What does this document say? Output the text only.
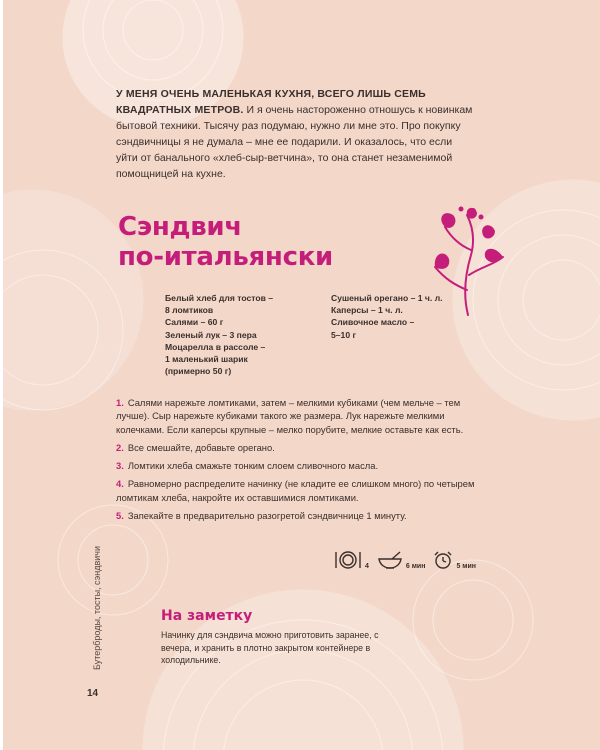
У МЕНЯ ОЧЕНЬ МАЛЕНЬКАЯ КУХНЯ, ВСЕГО ЛИШЬ СЕМЬ КВАДРАТНЫХ МЕТРОВ. И я очень настороженно отношусь к новинкам бытовой техники. Тысячу раз подумаю, нужно ли мне это. Про покупку сэндвичницы я не думала – мне ее подарили. И оказалось, что если уйти от банального «хлеб-сыр-ветчина», то она станет незаменимой помощницей на кухне.
Сэндвич
по-итальянски
Белый хлеб для тостов –
8 ломтиков
Салями – 60 г
Зеленый лук – 3 пера
Моцарелла в рассоле –
1 маленький шарик
(примерно 50 г)
Сушеный орегано – 1 ч. л.
Каперсы – 1 ч. л.
Сливочное масло –
5–10 г
1. Салями нарежьте ломтиками, затем – мелкими кубиками (чем мельче – тем лучше). Сыр нарежьте кубиками такого же размера. Лук нарежьте мелкими колечками. Если каперсы крупные – мелко порубите, мелкие оставьте как есть.
2. Все смешайте, добавьте орегано.
3. Ломтики хлеба смажьте тонким слоем сливочного масла.
4. Равномерно распределите начинку (не кладите ее слишком много) по четырем ломтикам хлеба, накройте их оставшимися ломтиками.
5. Запекайте в предварительно разогретой сэндвичнице 1 минуту.
4	6 мин	5 мин
На заметку
Начинку для сэндвича можно приготовить заранее, с вечера, и хранить в плотно закрытом контейнере в холодильнике.
Бутерброды, тосты, сэндвичи
14
